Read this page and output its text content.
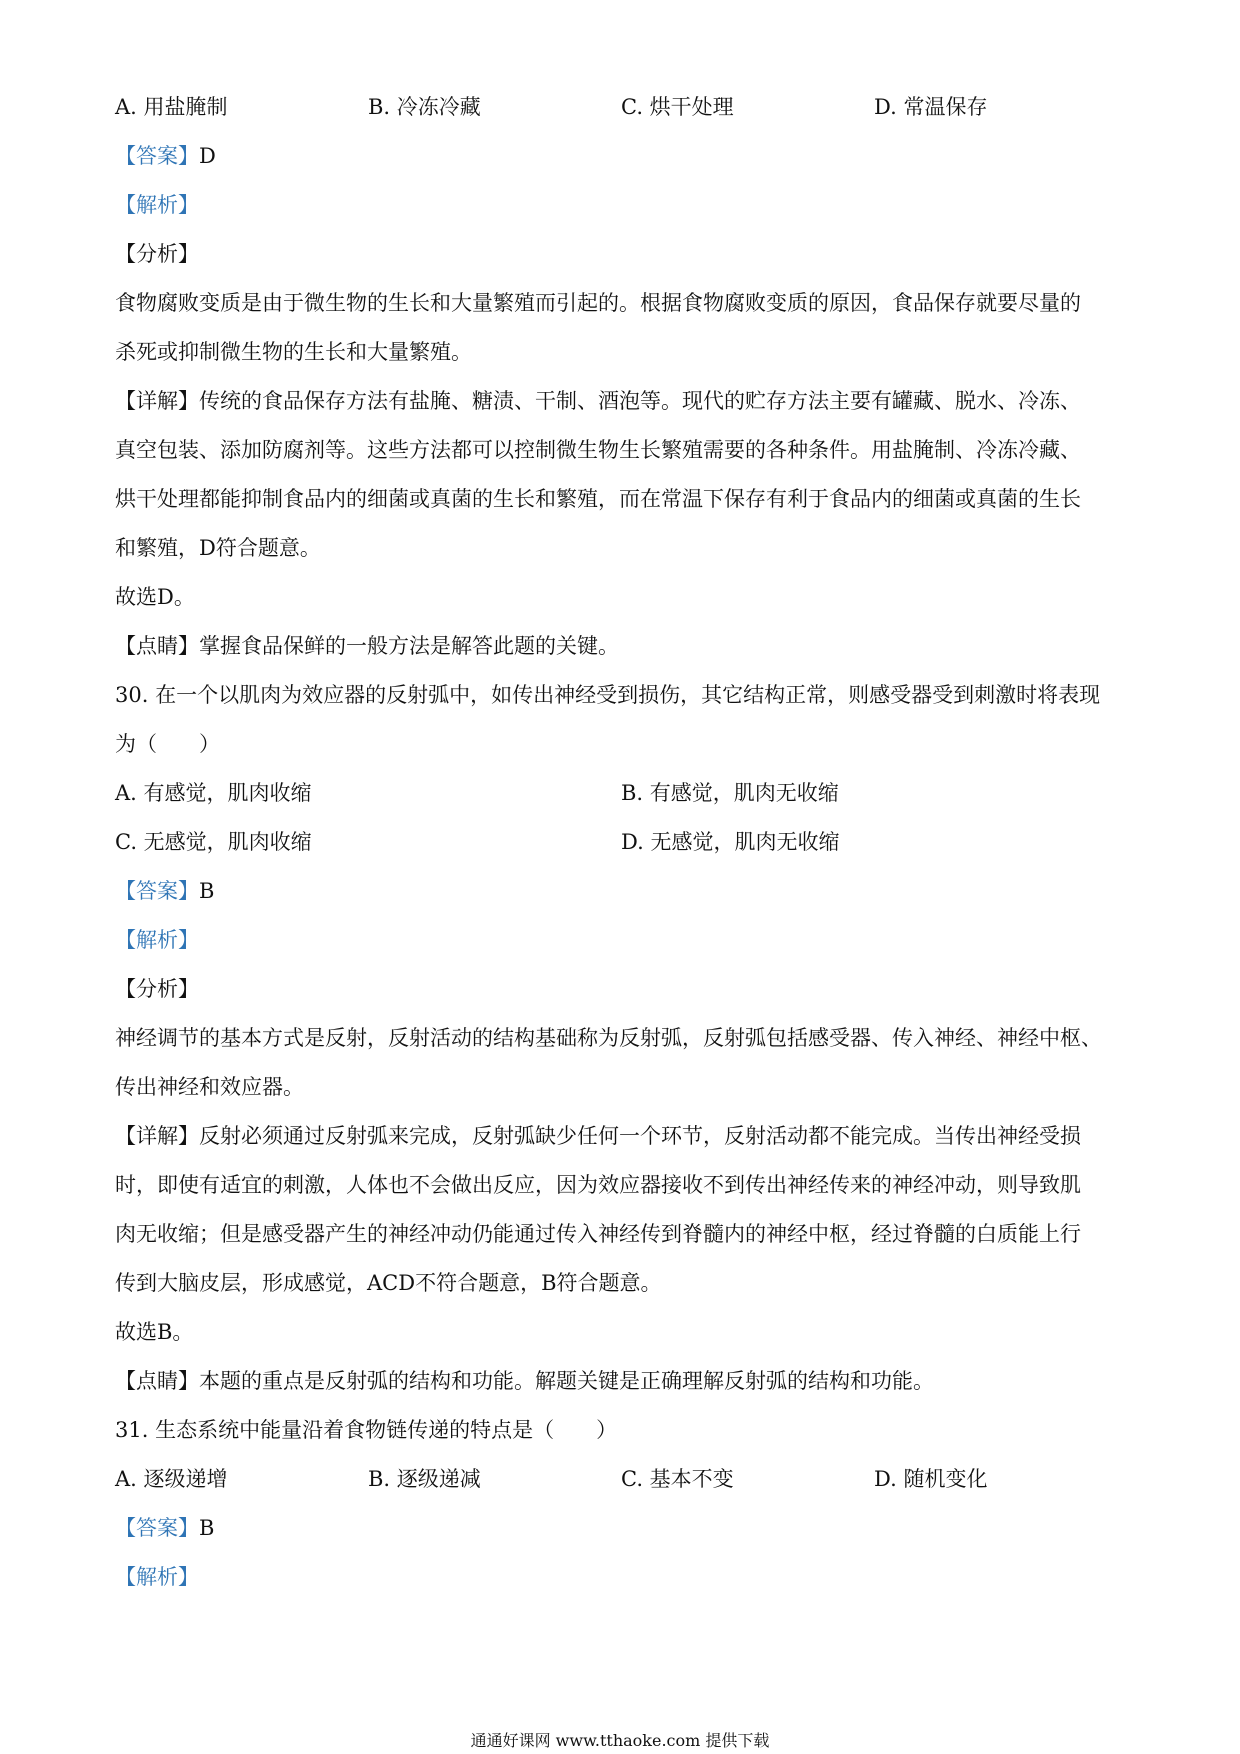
A. 用盐腌制	B. 冷冻冷藏	C. 烘干处理	D. 常温保存
【答案】D
【解析】
【分析】
食物腐败变质是由于微生物的生长和大量繁殖而引起的。根据食物腐败变质的原因，食品保存就要尽量的
杀死或抑制微生物的生长和大量繁殖。
【详解】传统的食品保存方法有盐腌、糖渍、干制、酒泡等。现代的贮存方法主要有罐藏、脱水、冷冻、
真空包装、添加防腐剂等。这些方法都可以控制微生物生长繁殖需要的各种条件。用盐腌制、冷冻冷藏、
烘干处理都能抑制食品内的细菌或真菌的生长和繁殖，而在常温下保存有利于食品内的细菌或真菌的生长
和繁殖，D符合题意。
故选D。
【点睛】掌握食品保鲜的一般方法是解答此题的关键。
30. 在一个以肌肉为效应器的反射弧中，如传出神经受到损伤，其它结构正常，则感受器受到刺激时将表现
为（　　）
A. 有感觉，肌肉收缩	B. 有感觉，肌肉无收缩
C. 无感觉，肌肉收缩	D. 无感觉，肌肉无收缩
【答案】B
【解析】
【分析】
神经调节的基本方式是反射，反射活动的结构基础称为反射弧，反射弧包括感受器、传入神经、神经中枢、
传出神经和效应器。
【详解】反射必须通过反射弧来完成，反射弧缺少任何一个环节，反射活动都不能完成。当传出神经受损
时，即使有适宜的刺激，人体也不会做出反应，因为效应器接收不到传出神经传来的神经冲动，则导致肌
肉无收缩；但是感受器产生的神经冲动仍能通过传入神经传到脊髓内的神经中枢，经过脊髓的白质能上行
传到大脑皮层，形成感觉，ACD不符合题意，B符合题意。
故选B。
【点睛】本题的重点是反射弧的结构和功能。解题关键是正确理解反射弧的结构和功能。
31. 生态系统中能量沿着食物链传递的特点是（　　）
A. 逐级递增	B. 逐级递减	C. 基本不变	D. 随机变化
【答案】B
【解析】
通通好课网 www.tthaoke.com 提供下载
